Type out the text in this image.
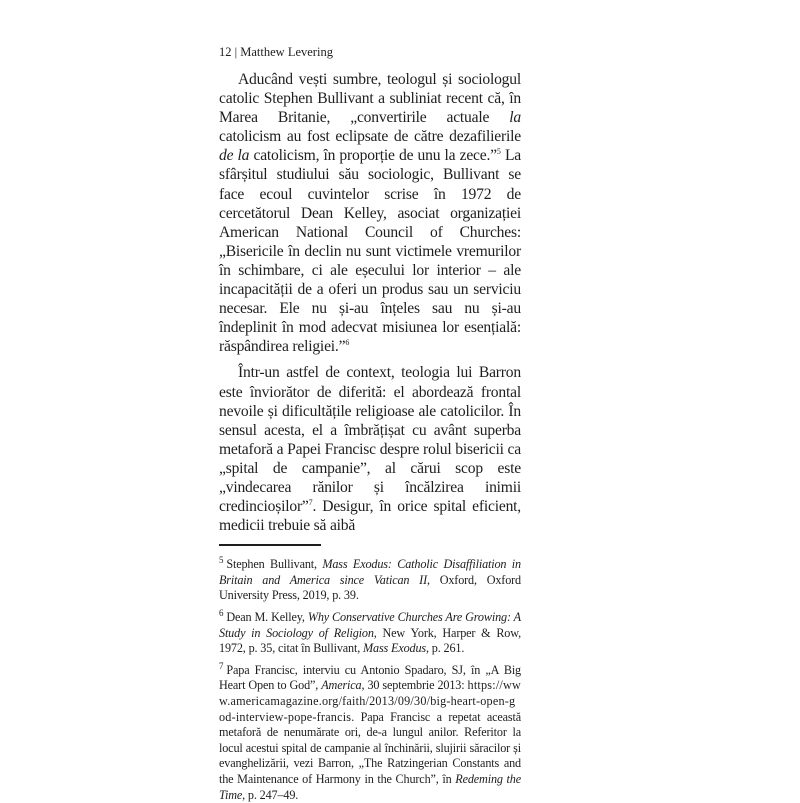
12 | Matthew Levering

Aducând vești sumbre, teologul și sociologul catolic Stephen Bullivant a subliniat recent că, în Marea Britanie, „convertirile actuale la catolicism au fost eclipsate de către dezafilierile de la catolicism, în proporție de unu la zece.”$^5$ La sfârșitul studiului său sociologic, Bullivant se face ecoul cuvintelor scrise în 1972 de cercetătorul Dean Kelley, asociat organizației American National Council of Churches: „Bisericile în declin nu sunt victimele vremurilor în schimbare, ci ale eșecului lor interior – ale incapacității de a oferi un produs sau un serviciu necesar. Ele nu și-au înțeles sau nu și-au îndeplinit în mod adecvat misiunea lor esențială: răspândirea religiei.”$^6$

Într-un astfel de context, teologia lui Barron este înviorător de diferită: el abordează frontal nevoile și dificultățile religioase ale catolicilor. În sensul acesta, el a îmbrățișat cu avânt superba metaforă a Papei Francisc despre rolul bisericii ca „spital de campanie”, al cărui scop este „vindecarea rănilor și încălzirea inimii credincioșilor”$^7$. Desigur, în orice spital eficient, medicii trebuie să aibă

$^5$ Stephen Bullivant, Mass Exodus: Catholic Disaffiliation in Britain and America since Vatican II, Oxford, Oxford University Press, 2019, p. 39.

$^6$ Dean M. Kelley, Why Conservative Churches Are Growing: A Study in Sociology of Religion, New York, Harper & Row, 1972, p. 35, citat în Bullivant, Mass Exodus, p. 261.

$^7$ Papa Francisc, interviu cu Antonio Spadaro, SJ, în „A Big Heart Open to God”, America, 30 septembrie 2013: https://www.americamagazine.org/faith/2013/09/30/big-heart-open-god-interview-pope-francis. Papa Francisc a repetat această metaforă de nenumărate ori, de-a lungul anilor. Referitor la locul acestui spital de campanie al închinării, slujirii săracilor și evanghelizării, vezi Barron, „The Ratzingerian Constants and the Maintenance of Harmony in the Church”, în Redeming the Time, p. 247–49.
